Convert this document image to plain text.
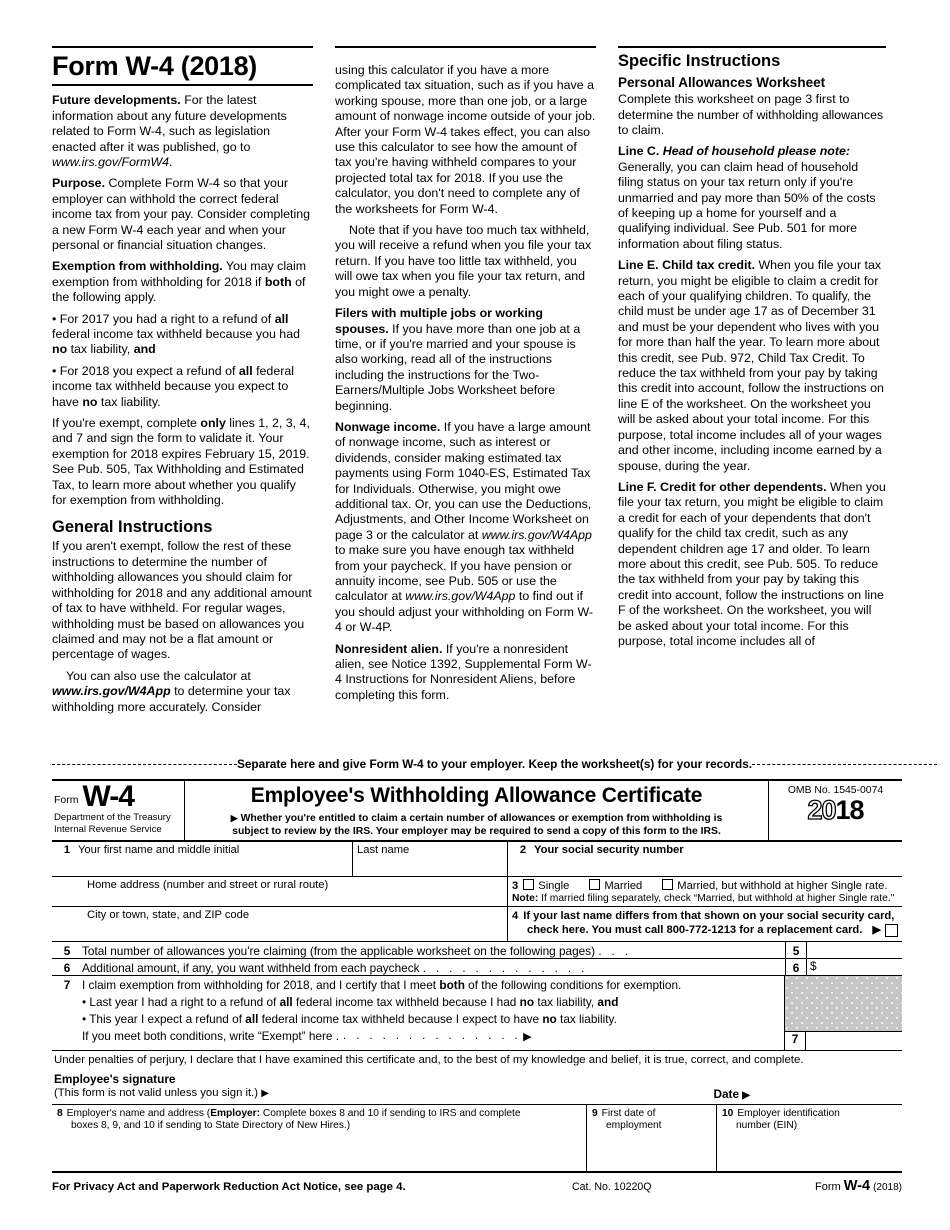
Form W-4 (2018)

Future developments. For the latest information about any future developments related to Form W-4, such as legislation enacted after it was published, go to www.irs.gov/FormW4.

Purpose. Complete Form W-4 so that your employer can withhold the correct federal income tax from your pay. Consider completing a new Form W-4 each year and when your personal or financial situation changes.

Exemption from withholding. You may claim exemption from withholding for 2018 if both of the following apply.

• For 2017 you had a right to a refund of all federal income tax withheld because you had no tax liability, and

• For 2018 you expect a refund of all federal income tax withheld because you expect to have no tax liability.

If you're exempt, complete only lines 1, 2, 3, 4, and 7 and sign the form to validate it. Your exemption for 2018 expires February 15, 2019. See Pub. 505, Tax Withholding and Estimated Tax, to learn more about whether you qualify for exemption from withholding.

General Instructions

If you aren't exempt, follow the rest of these instructions to determine the number of withholding allowances you should claim for withholding for 2018 and any additional amount of tax to have withheld. For regular wages, withholding must be based on allowances you claimed and may not be a flat amount or percentage of wages.

You can also use the calculator at www.irs.gov/W4App to determine your tax withholding more accurately. Consider

using this calculator if you have a more complicated tax situation, such as if you have a working spouse, more than one job, or a large amount of nonwage income outside of your job. After your Form W-4 takes effect, you can also use this calculator to see how the amount of tax you're having withheld compares to your projected total tax for 2018. If you use the calculator, you don't need to complete any of the worksheets for Form W-4.

Note that if you have too much tax withheld, you will receive a refund when you file your tax return. If you have too little tax withheld, you will owe tax when you file your tax return, and you might owe a penalty.

Filers with multiple jobs or working spouses. If you have more than one job at a time, or if you're married and your spouse is also working, read all of the instructions including the instructions for the Two-Earners/Multiple Jobs Worksheet before beginning.

Nonwage income. If you have a large amount of nonwage income, such as interest or dividends, consider making estimated tax payments using Form 1040-ES, Estimated Tax for Individuals. Otherwise, you might owe additional tax. Or, you can use the Deductions, Adjustments, and Other Income Worksheet on page 3 or the calculator at www.irs.gov/W4App to make sure you have enough tax withheld from your paycheck. If you have pension or annuity income, see Pub. 505 or use the calculator at www.irs.gov/W4App to find out if you should adjust your withholding on Form W-4 or W-4P.

Nonresident alien. If you're a nonresident alien, see Notice 1392, Supplemental Form W-4 Instructions for Nonresident Aliens, before completing this form.

Specific Instructions
Personal Allowances Worksheet

Complete this worksheet on page 3 first to determine the number of withholding allowances to claim.

Line C. Head of household please note: Generally, you can claim head of household filing status on your tax return only if you're unmarried and pay more than 50% of the costs of keeping up a home for yourself and a qualifying individual. See Pub. 501 for more information about filing status.

Line E. Child tax credit. When you file your tax return, you might be eligible to claim a credit for each of your qualifying children. To qualify, the child must be under age 17 as of December 31 and must be your dependent who lives with you for more than half the year. To learn more about this credit, see Pub. 972, Child Tax Credit. To reduce the tax withheld from your pay by taking this credit into account, follow the instructions on line E of the worksheet. On the worksheet you will be asked about your total income. For this purpose, total income includes all of your wages and other income, including income earned by a spouse, during the year.

Line F. Credit for other dependents. When you file your tax return, you might be eligible to claim a credit for each of your dependents that don't qualify for the child tax credit, such as any dependent children age 17 and older. To learn more about this credit, see Pub. 505. To reduce the tax withheld from your pay by taking this credit into account, follow the instructions on line F of the worksheet. On the worksheet, you will be asked about your total income. For this purpose, total income includes all of

Separate here and give Form W-4 to your employer. Keep the worksheet(s) for your records.
Form W-4
Department of the Treasury
Internal Revenue Service
Employee's Withholding Allowance Certificate
▶ Whether you're entitled to claim a certain number of allowances or exemption from withholding is
subject to review by the IRS. Your employer may be required to send a copy of this form to the IRS.
OMB No. 1545-0074
2018
1 Your first name and middle initial	Last name	2 Your social security number
Home address (number and street or rural route)	3	Single	Married	Married, but withhold at higher Single rate.
Note: If married filing separately, check “Married, but withhold at higher Single rate."
City or town, state, and ZIP code	4 If your last name differs from that shown on your social security card,
check here. You must call 800-772-1213 for a replacement card. ▶
5 Total number of allowances you're claiming (from the applicable worksheet on the following pages) . . .	5
6 Additional amount, if any, you want withheld from each paycheck . . . . . . . . . . . . .	6 $
7 I claim exemption from withholding for 2018, and I certify that I meet both of the following conditions for exemption.
• Last year I had a right to a refund of all federal income tax withheld because I had no tax liability, and
• This year I expect a refund of all federal income tax withheld because I expect to have no tax liability.
If you meet both conditions, write “Exempt” here . . . . . . . . . . . . . . . ▶	7
Under penalties of perjury, I declare that I have examined this certificate and, to the best of my knowledge and belief, it is true, correct, and complete.
Employee's signature
(This form is not valid unless you sign it.) ▶	Date ▶
8 Employer's name and address (Employer: Complete boxes 8 and 10 if sending to IRS and complete
boxes 8, 9, and 10 if sending to State Directory of New Hires.)
9 First date of
employment
10 Employer identification
number (EIN)
For Privacy Act and Paperwork Reduction Act Notice, see page 4.	Cat. No. 10220Q	Form W-4 (2018)
